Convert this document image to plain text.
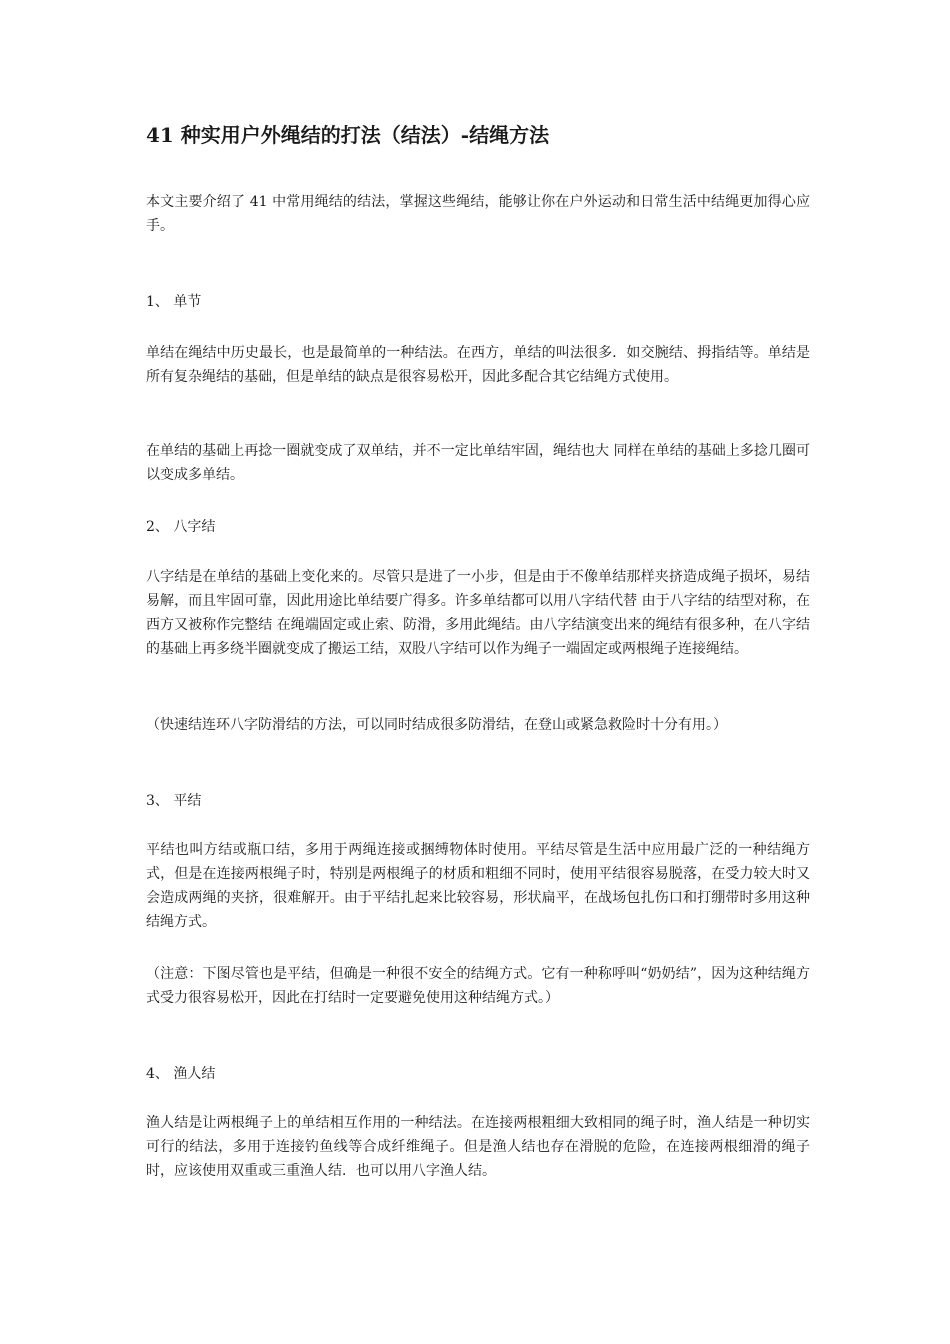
41 种实用户外绳结的打法（结法）-结绳方法

本文主要介绍了 41 中常用绳结的结法，掌握这些绳结，能够让你在户外运动和日常生活中结绳更加得心应手。

1、 单节

单结在绳结中历史最长，也是最简单的一种结法。在西方，单结的叫法很多．如交腕结、拇指结等。单结是所有复杂绳结的基础，但是单结的缺点是很容易松开，因此多配合其它结绳方式使用。

在单结的基础上再捻一圈就变成了双单结，并不一定比单结牢固，绳结也大 同样在单结的基础上多捻几圈可以变成多单结。

2、 八字结

八字结是在单结的基础上变化来的。尽管只是进了一小步，但是由于不像单结那样夹挤造成绳子损坏，易结易解，而且牢固可靠，因此用途比单结要广得多。许多单结都可以用八字结代替 由于八字结的结型对称，在西方又被称作完整结 在绳端固定或止索、防滑，多用此绳结。由八字结演变出来的绳结有很多种，在八字结的基础上再多绕半圈就变成了搬运工结，双股八字结可以作为绳子一端固定或两根绳子连接绳结。

（快速结连环八字防滑结的方法，可以同时结成很多防滑结，在登山或紧急救险时十分有用。）

3、 平结

平结也叫方结或瓶口结，多用于两绳连接或捆缚物体时使用。平结尽管是生活中应用最广泛的一种结绳方式，但是在连接两根绳子时，特别是两根绳子的材质和粗细不同时，使用平结很容易脱落，在受力较大时又会造成两绳的夹挤，很难解开。由于平结扎起来比较容易，形状扁平，在战场包扎伤口和打绷带时多用这种结绳方式。

（注意：下图尽管也是平结，但确是一种很不安全的结绳方式。它有一种称呼叫“奶奶结”，因为这种结绳方式受力很容易松开，因此在打结时一定要避免使用这种结绳方式。）

4、 渔人结

渔人结是让两根绳子上的单结相互作用的一种结法。在连接两根粗细大致相同的绳子时，渔人结是一种切实可行的结法，多用于连接钓鱼线等合成纤维绳子。但是渔人结也存在滑脱的危险，在连接两根细滑的绳子时，应该使用双重或三重渔人结．也可以用八字渔人结。
